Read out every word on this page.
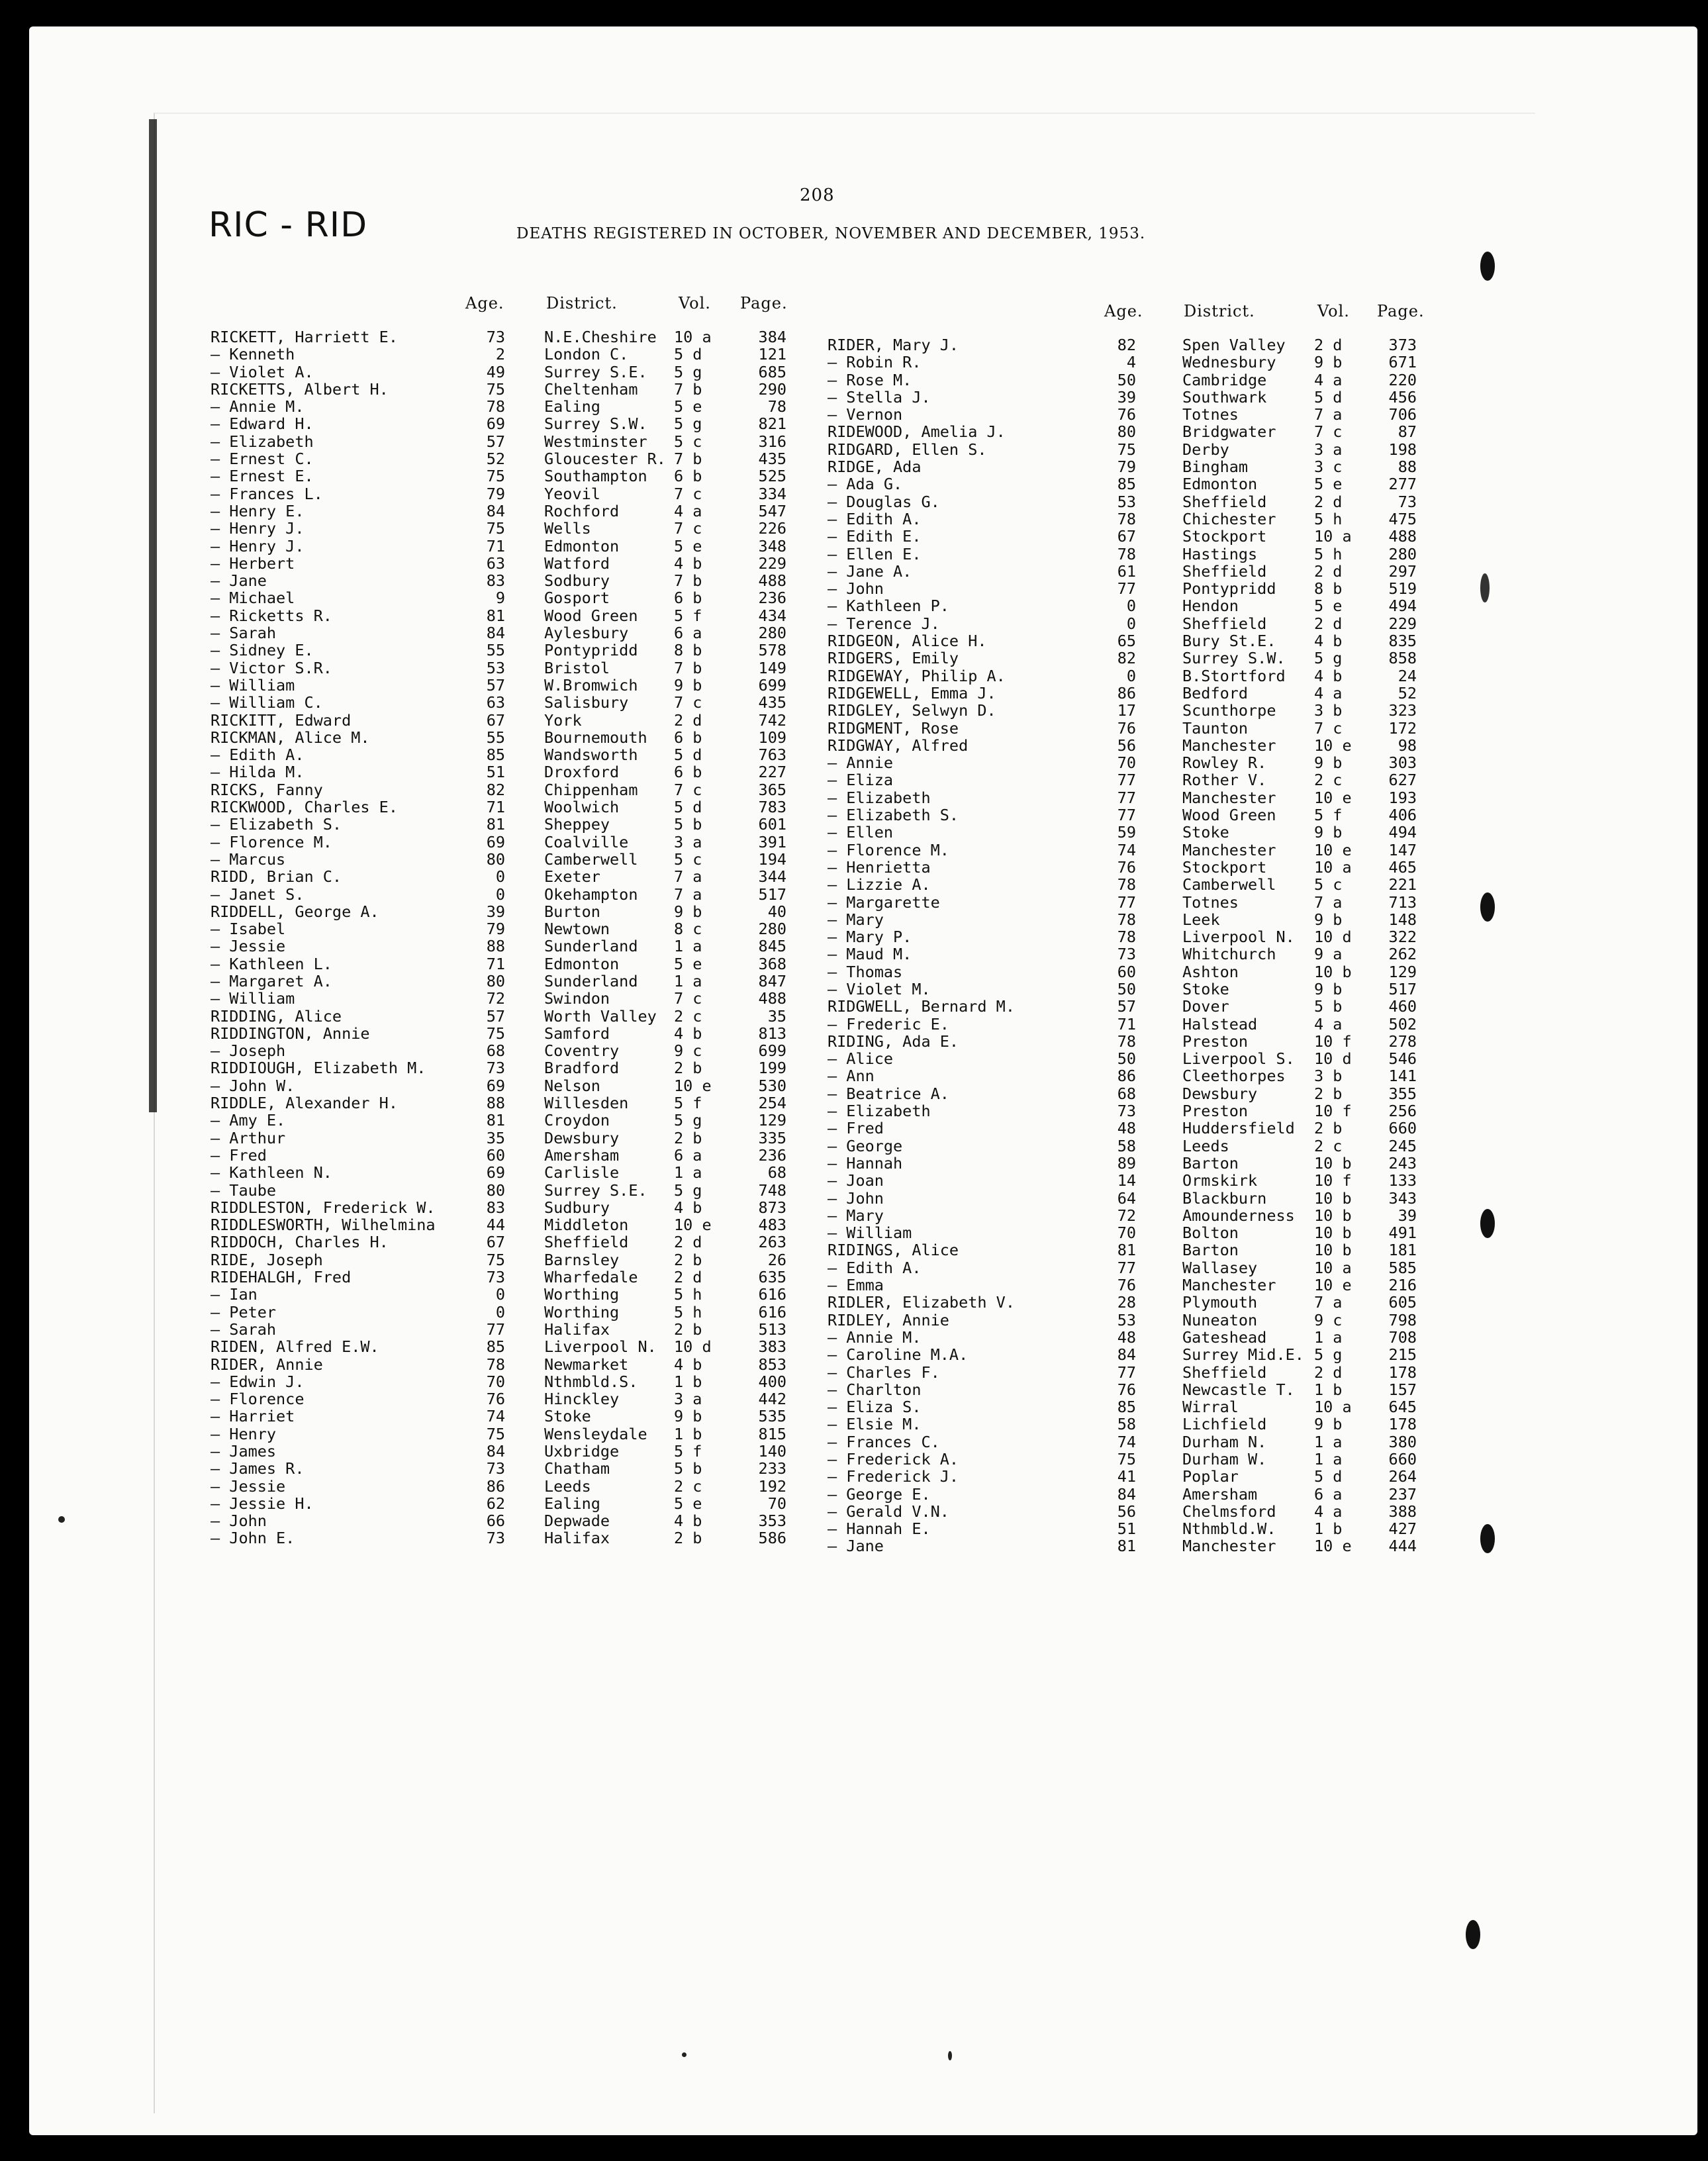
208
RIC - RID	DEATHS REGISTERED IN OCTOBER, NOVEMBER AND DECEMBER, 1953.
Age.	District.	Vol. Page.	Age.	District.	Vol. Page.
RICKETT, Harriett E.	73	N.E.Cheshire 10 a	384
— Kenneth	2	London C.	5 d	121
— Violet A.	49	Surrey S.E. 5 g	685
RICKETTS, Albert H.	75	Cheltenham 7 b	290
— Annie M.	78	Ealing	5 e	78
— Edward H.	69	Surrey S.W. 5 g	821
— Elizabeth	57	Westminster 5 c	316
— Ernest C.	52	Gloucester R. 7 b	435
— Ernest E.	75	Southampton 6 b	525
— Frances L.	79	Yeovil	7 c	334
— Henry E.	84	Rochford	4 a	547
— Henry J.	75	Wells	7 c	226
— Henry J.	71	Edmonton	5 e	348
— Herbert	63	Watford	4 b	229
— Jane	83	Sodbury	7 b	488
— Michael	9	Gosport	6 b	236
— Ricketts R.	81	Wood Green 5 f	434
— Sarah	84	Aylesbury	6 a	280
— Sidney E.	55	Pontypridd 8 b	578
— Victor S.R.	53	Bristol	7 b	149
— William	57	W.Bromwich 9 b	699
— William C.	63	Salisbury	7 c	435
RICKITT, Edward	67	York	2 d	742
RICKMAN, Alice M.	55	Bournemouth 6 b	109
— Edith A.	85	Wandsworth 5 d	763
— Hilda M.	51	Droxford	6 b	227
RICKS, Fanny	82	Chippenham 7 c	365
RICKWOOD, Charles E.	71	Woolwich	5 d	783
— Elizabeth S.	81	Sheppey	5 b	601
— Florence M.	69	Coalville	3 a	391
— Marcus	80	Camberwell 5 c	194
RIDD, Brian C.	0	Exeter	7 a	344
— Janet S.	0	Okehampton 7 a	517
RIDDELL, George A.	39	Burton	9 b	40
— Isabel	79	Newtown	8 c	280
— Jessie	88	Sunderland 1 a	845
— Kathleen L.	71	Edmonton	5 e	368
— Margaret A.	80	Sunderland 1 a	847
— William	72	Swindon	7 c	488
RIDDING, Alice	57	Worth Valley 2 c	35
RIDDINGTON, Annie	75	Samford	4 b	813
— Joseph	68	Coventry	9 c	699
RIDDIOUGH, Elizabeth M.	73	Bradford	2 b	199
— John W.	69	Nelson	10 e	530
RIDDLE, Alexander H.	88	Willesden	5 f	254
— Amy E.	81	Croydon	5 g	129
— Arthur	35	Dewsbury	2 b	335
— Fred	60	Amersham	6 a	236
— Kathleen N.	69	Carlisle	1 a	68
— Taube	80	Surrey S.E. 5 g	748
RIDDLESTON, Frederick W.	83	Sudbury	4 b	873
RIDDLESWORTH, Wilhelmina	44	Middleton	10 e	483
RIDDOCH, Charles H.	67	Sheffield	2 d	263
RIDE, Joseph	75	Barnsley	2 b	26
RIDEHALGH, Fred	73	Wharfedale 2 d	635
— Ian	0	Worthing	5 h	616
— Peter	0	Worthing	5 h	616
— Sarah	77	Halifax	2 b	513
RIDEN, Alfred E.W.	85	Liverpool N. 10 d	383
RIDER, Annie	78	Newmarket	4 b	853
— Edwin J.	70	Nthmbld.S. 1 b	400
— Florence	76	Hinckley	3 a	442
— Harriet	74	Stoke	9 b	535
— Henry	75	Wensleydale 1 b	815
— James	84	Uxbridge	5 f	140
— James R.	73	Chatham	5 b	233
— Jessie	86	Leeds	2 c	192
— Jessie H.	62	Ealing	5 e	70
— John	66	Depwade	4 b	353
— John E.	73	Halifax	2 b	586
RIDER, Mary J.	82	Spen Valley 2 d	373
— Robin R.	4	Wednesbury 9 b	671
— Rose M.	50	Cambridge	4 a	220
— Stella J.	39	Southwark	5 d	456
— Vernon	76	Totnes	7 a	706
RIDEWOOD, Amelia J.	80	Bridgwater 7 c	87
RIDGARD, Ellen S.	75	Derby	3 a	198
RIDGE, Ada	79	Bingham	3 c	88
— Ada G.	85	Edmonton	5 e	277
— Douglas G.	53	Sheffield	2 d	73
— Edith A.	78	Chichester 5 h	475
— Edith E.	67	Stockport	10 a	488
— Ellen E.	78	Hastings	5 h	280
— Jane A.	61	Sheffield	2 d	297
— John	77	Pontypridd 8 b	519
— Kathleen P.	0	Hendon	5 e	494
— Terence J.	0	Sheffield	2 d	229
RIDGEON, Alice H.	65	Bury St.E. 4 b	835
RIDGERS, Emily	82	Surrey S.W. 5 g	858
RIDGEWAY, Philip A.	0	B.Stortford 4 b	24
RIDGEWELL, Emma J.	86	Bedford	4 a	52
RIDGLEY, Selwyn D.	17	Scunthorpe 3 b	323
RIDGMENT, Rose	76	Taunton	7 c	172
RIDGWAY, Alfred	56	Manchester 10 e	98
— Annie	70	Rowley R.	9 b	303
— Eliza	77	Rother V.	2 c	627
— Elizabeth	77	Manchester 10 e	193
— Elizabeth S.	77	Wood Green 5 f	406
— Ellen	59	Stoke	9 b	494
— Florence M.	74	Manchester 10 e	147
— Henrietta	76	Stockport	10 a	465
— Lizzie A.	78	Camberwell 5 c	221
— Margarette	77	Totnes	7 a	713
— Mary	78	Leek	9 b	148
— Mary P.	78	Liverpool N. 10 d	322
— Maud M.	73	Whitchurch 9 a	262
— Thomas	60	Ashton	10 b	129
— Violet M.	50	Stoke	9 b	517
RIDGWELL, Bernard M.	57	Dover	5 b	460
— Frederic E.	71	Halstead	4 a	502
RIDING, Ada E.	78	Preston	10 f	278
— Alice	50	Liverpool S. 10 d	546
— Ann	86	Cleethorpes 3 b	141
— Beatrice A.	68	Dewsbury	2 b	355
— Elizabeth	73	Preston	10 f	256
— Fred	48	Huddersfield 2 b	660
— George	58	Leeds	2 c	245
— Hannah	89	Barton	10 b	243
— Joan	14	Ormskirk	10 f	133
— John	64	Blackburn	10 b	343
— Mary	72	Amounderness 10 b	39
— William	70	Bolton	10 b	491
RIDINGS, Alice	81	Barton	10 b	181
— Edith A.	77	Wallasey	10 a	585
— Emma	76	Manchester 10 e	216
RIDLER, Elizabeth V.	28	Plymouth	7 a	605
RIDLEY, Annie	53	Nuneaton	9 c	798
— Annie M.	48	Gateshead	1 a	708
— Caroline M.A.	84	Surrey Mid.E. 5 g	215
— Charles F.	77	Sheffield	2 d	178
— Charlton	76	Newcastle T. 1 b	157
— Eliza S.	85	Wirral	10 a	645
— Elsie M.	58	Lichfield	9 b	178
— Frances C.	74	Durham N.	1 a	380
— Frederick A.	75	Durham W.	1 a	660
— Frederick J.	41	Poplar	5 d	264
— George E.	84	Amersham	6 a	237
— Gerald V.N.	56	Chelmsford 4 a	388
— Hannah E.	51	Nthmbld.W. 1 b	427
— Jane	81	Manchester 10 e	444
